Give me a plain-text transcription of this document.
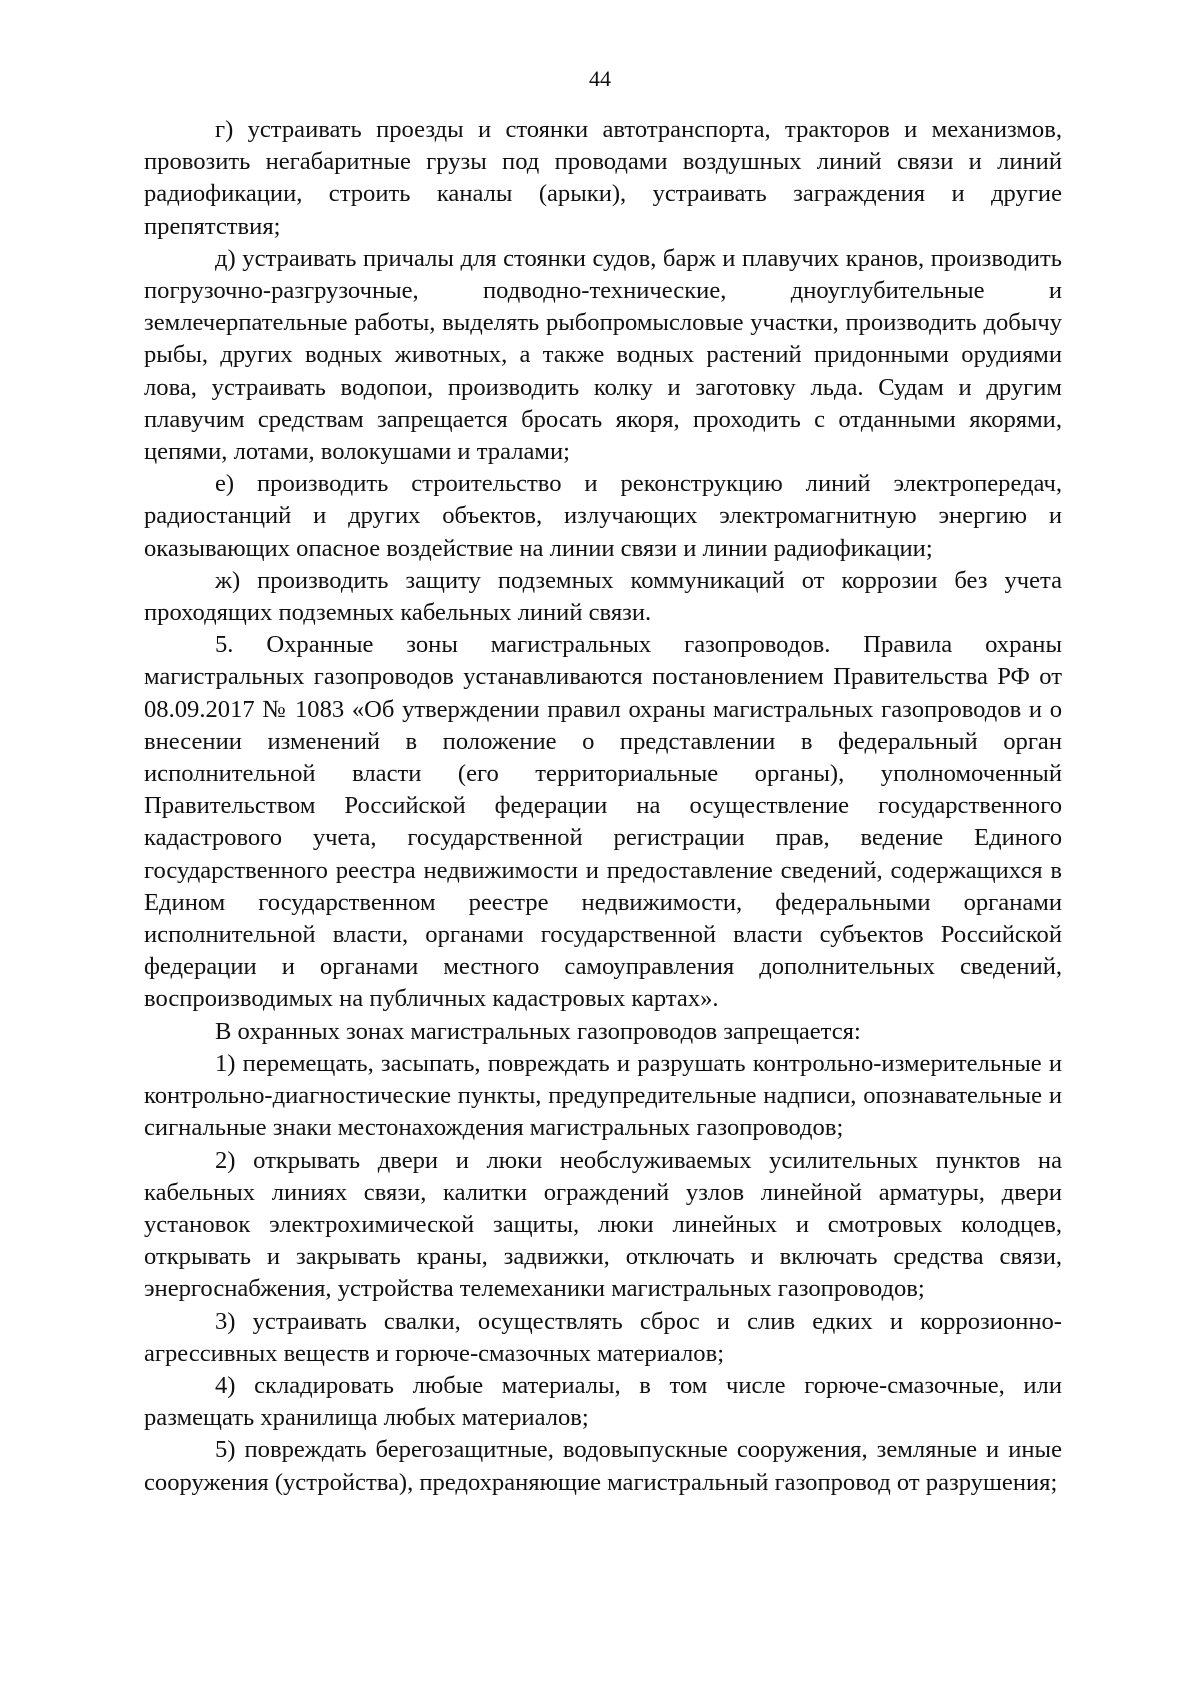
44

г) устраивать проезды и стоянки автотранспорта, тракторов и механизмов, провозить негабаритные грузы под проводами воздушных линий связи и линий радиофикации, строить каналы (арыки), устраивать заграждения и другие препятствия;

д) устраивать причалы для стоянки судов, барж и плавучих кранов, производить погрузочно-разгрузочные, подводно-технические, дноуглубительные и землечерпательные работы, выделять рыбопромысловые участки, производить добычу рыбы, других водных животных, а также водных растений придонными орудиями лова, устраивать водопои, производить колку и заготовку льда. Судам и другим плавучим средствам запрещается бросать якоря, проходить с отданными якорями, цепями, лотами, волокушами и тралами;

е) производить строительство и реконструкцию линий электропередач, радиостанций и других объектов, излучающих электромагнитную энергию и оказывающих опасное воздействие на линии связи и линии радиофикации;

ж) производить защиту подземных коммуникаций от коррозии без учета проходящих подземных кабельных линий связи.

5. Охранные зоны магистральных газопроводов. Правила охраны магистральных газопроводов устанавливаются постановлением Правительства РФ от 08.09.2017 № 1083 «Об утверждении правил охраны магистральных газопроводов и о внесении изменений в положение о представлении в федеральный орган исполнительной власти (его территориальные органы), уполномоченный Правительством Российской федерации на осуществление государственного кадастрового учета, государственной регистрации прав, ведение Единого государственного реестра недвижимости и предоставление сведений, содержащихся в Едином государственном реестре недвижимости, федеральными органами исполнительной власти, органами государственной власти субъектов Российской федерации и органами местного самоуправления дополнительных сведений, воспроизводимых на публичных кадастровых картах».

В охранных зонах магистральных газопроводов запрещается:

1) перемещать, засыпать, повреждать и разрушать контрольно-измерительные и контрольно-диагностические пункты, предупредительные надписи, опознавательные и сигнальные знаки местонахождения магистральных газопроводов;

2) открывать двери и люки необслуживаемых усилительных пунктов на кабельных линиях связи, калитки ограждений узлов линейной арматуры, двери установок электрохимической защиты, люки линейных и смотровых колодцев, открывать и закрывать краны, задвижки, отключать и включать средства связи, энергоснабжения, устройства телемеханики магистральных газопроводов;

3) устраивать свалки, осуществлять сброс и слив едких и коррозионно-агрессивных веществ и горюче-смазочных материалов;

4) складировать любые материалы, в том числе горюче-смазочные, или размещать хранилища любых материалов;

5) повреждать берегозащитные, водовыпускные сооружения, земляные и иные сооружения (устройства), предохраняющие магистральный газопровод от разрушения;
